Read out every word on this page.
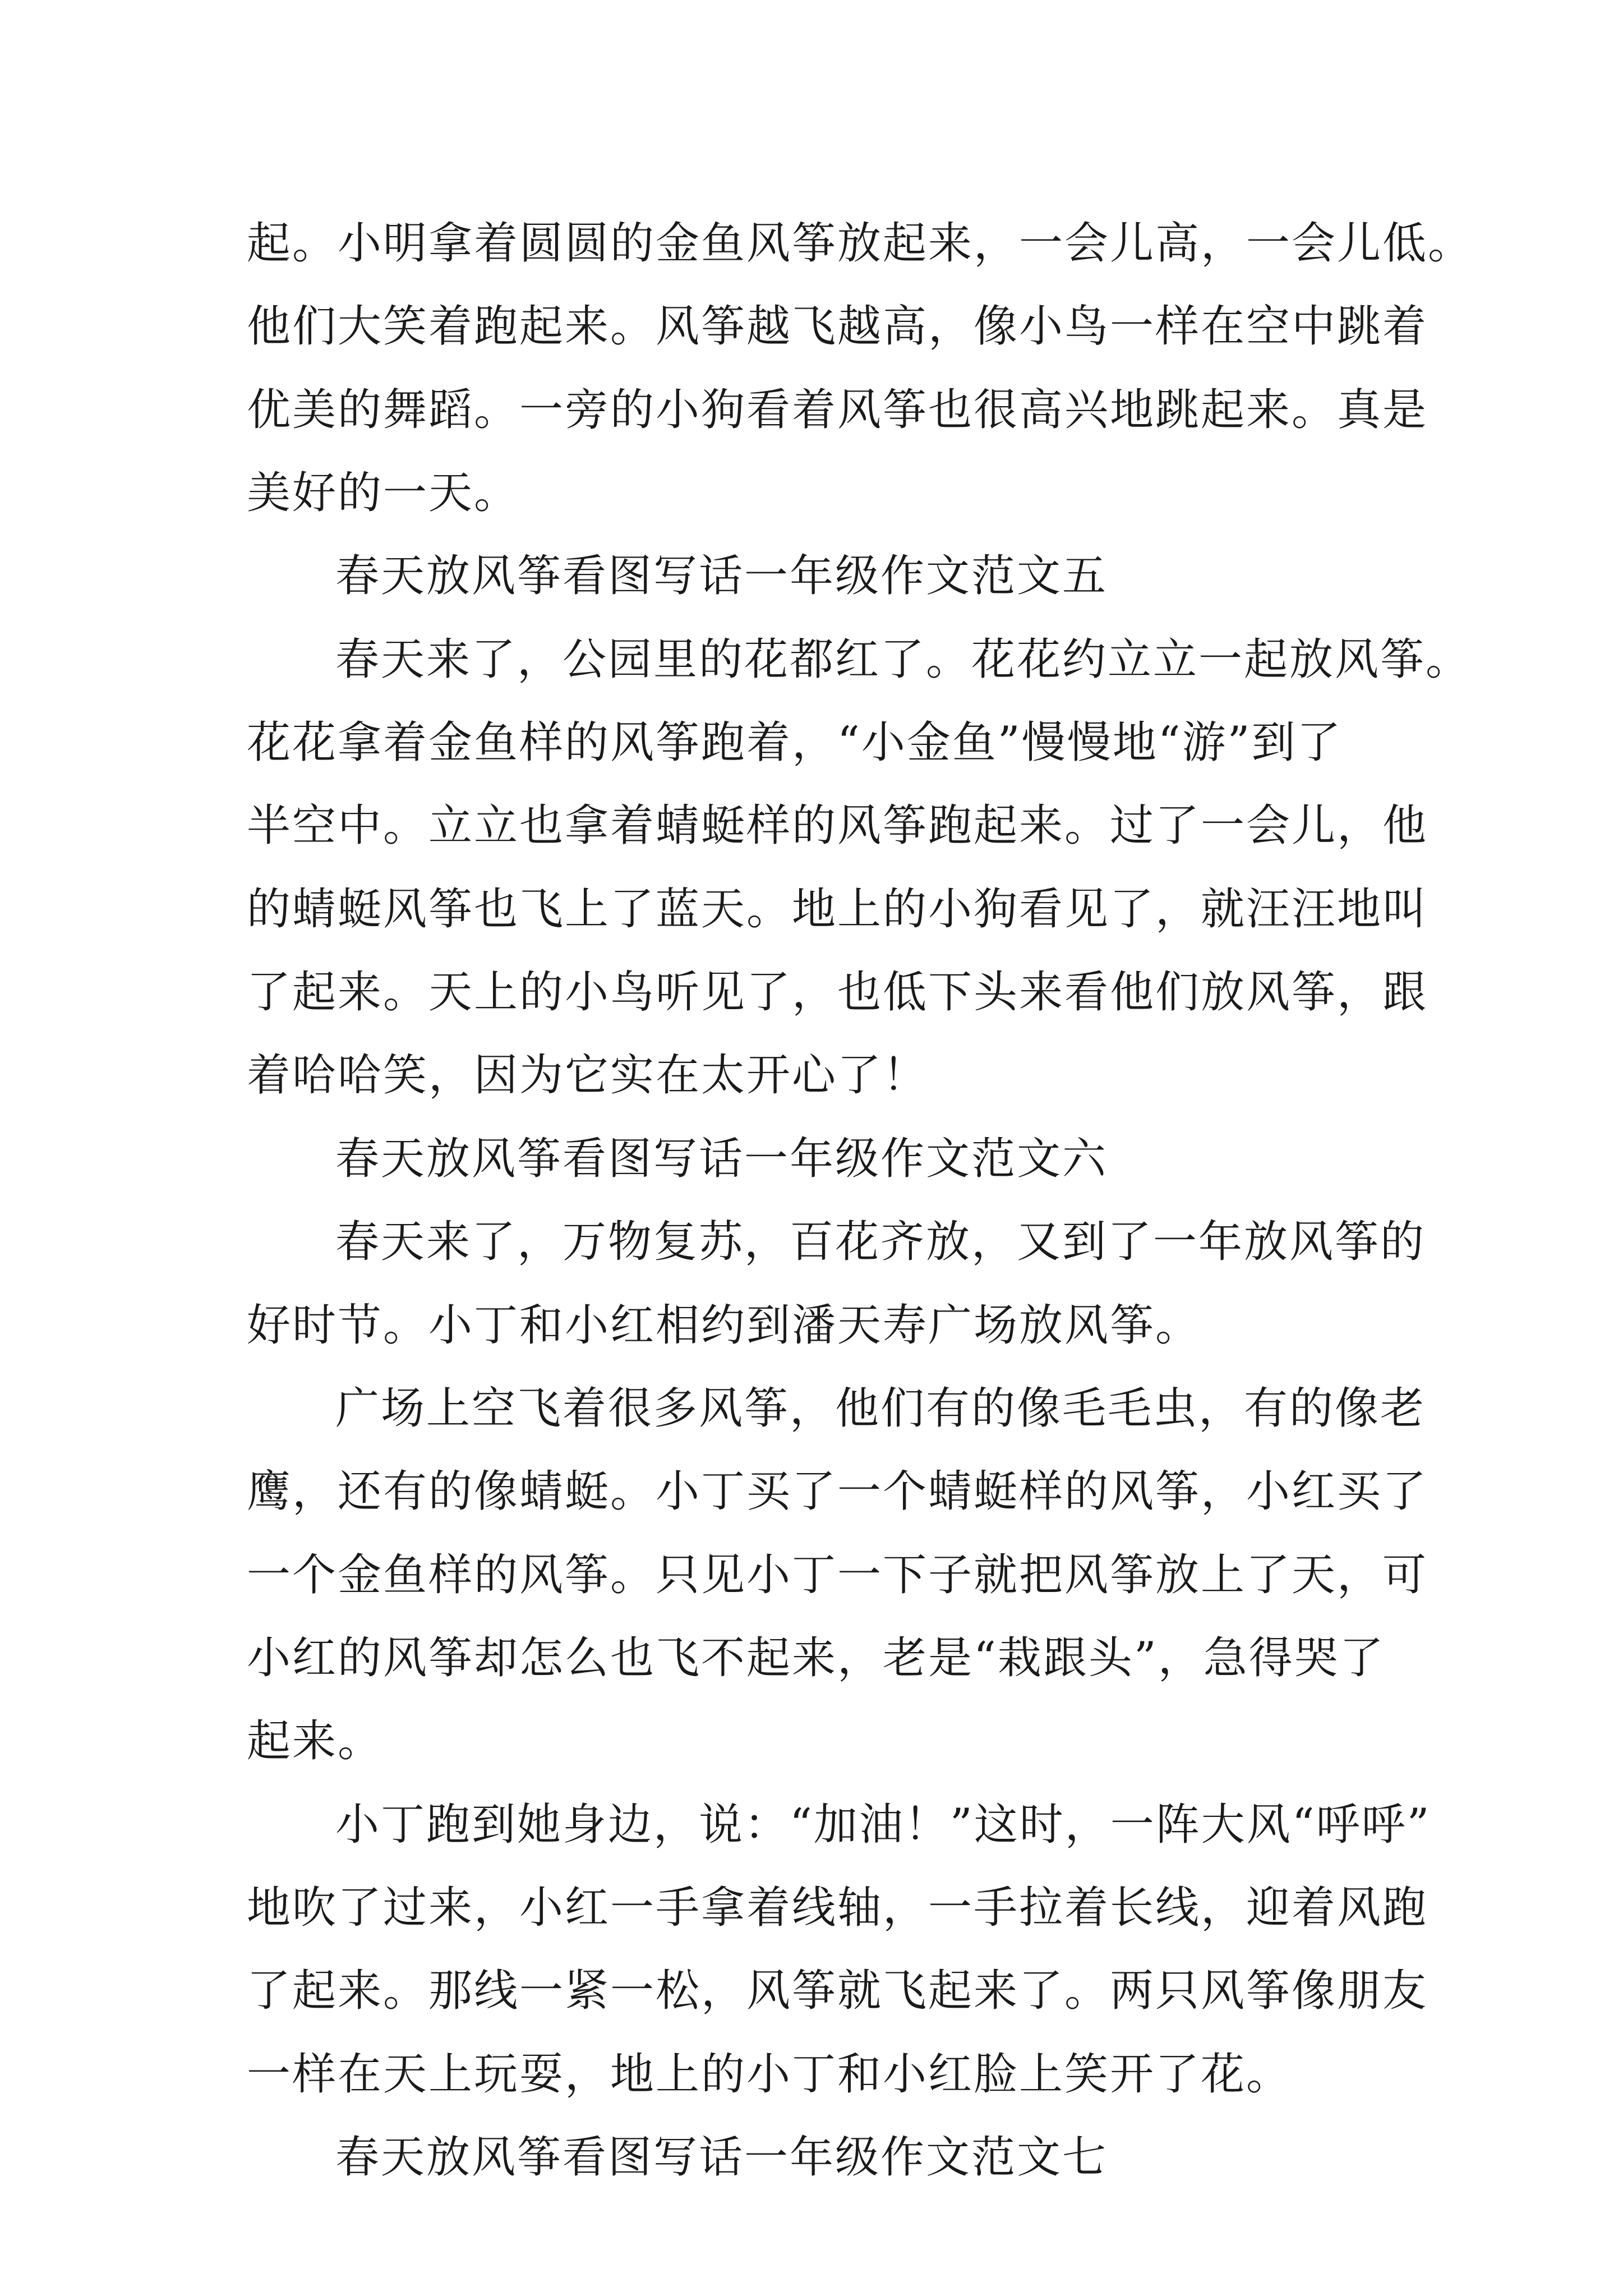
起。小明拿着圆圆的金鱼风筝放起来，一会儿高，一会儿低。
他们大笑着跑起来。风筝越飞越高，像小鸟一样在空中跳着
优美的舞蹈。一旁的小狗看着风筝也很高兴地跳起来。真是
美好的一天。
春天放风筝看图写话一年级作文范文五
春天来了，公园里的花都红了。花花约立立一起放风筝。
花花拿着金鱼样的风筝跑着，“小金鱼”慢慢地“游”到了
半空中。立立也拿着蜻蜓样的风筝跑起来。过了一会儿，他
的蜻蜓风筝也飞上了蓝天。地上的小狗看见了，就汪汪地叫
了起来。天上的小鸟听见了，也低下头来看他们放风筝，跟
着哈哈笑，因为它实在太开心了！
春天放风筝看图写话一年级作文范文六
春天来了，万物复苏，百花齐放，又到了一年放风筝的
好时节。小丁和小红相约到潘天寿广场放风筝。
广场上空飞着很多风筝，他们有的像毛毛虫，有的像老
鹰，还有的像蜻蜓。小丁买了一个蜻蜓样的风筝，小红买了
一个金鱼样的风筝。只见小丁一下子就把风筝放上了天，可
小红的风筝却怎么也飞不起来，老是“栽跟头”，急得哭了
起来。
小丁跑到她身边，说：“加油！”这时，一阵大风“呼呼”
地吹了过来，小红一手拿着线轴，一手拉着长线，迎着风跑
了起来。那线一紧一松，风筝就飞起来了。两只风筝像朋友
一样在天上玩耍，地上的小丁和小红脸上笑开了花。
春天放风筝看图写话一年级作文范文七
